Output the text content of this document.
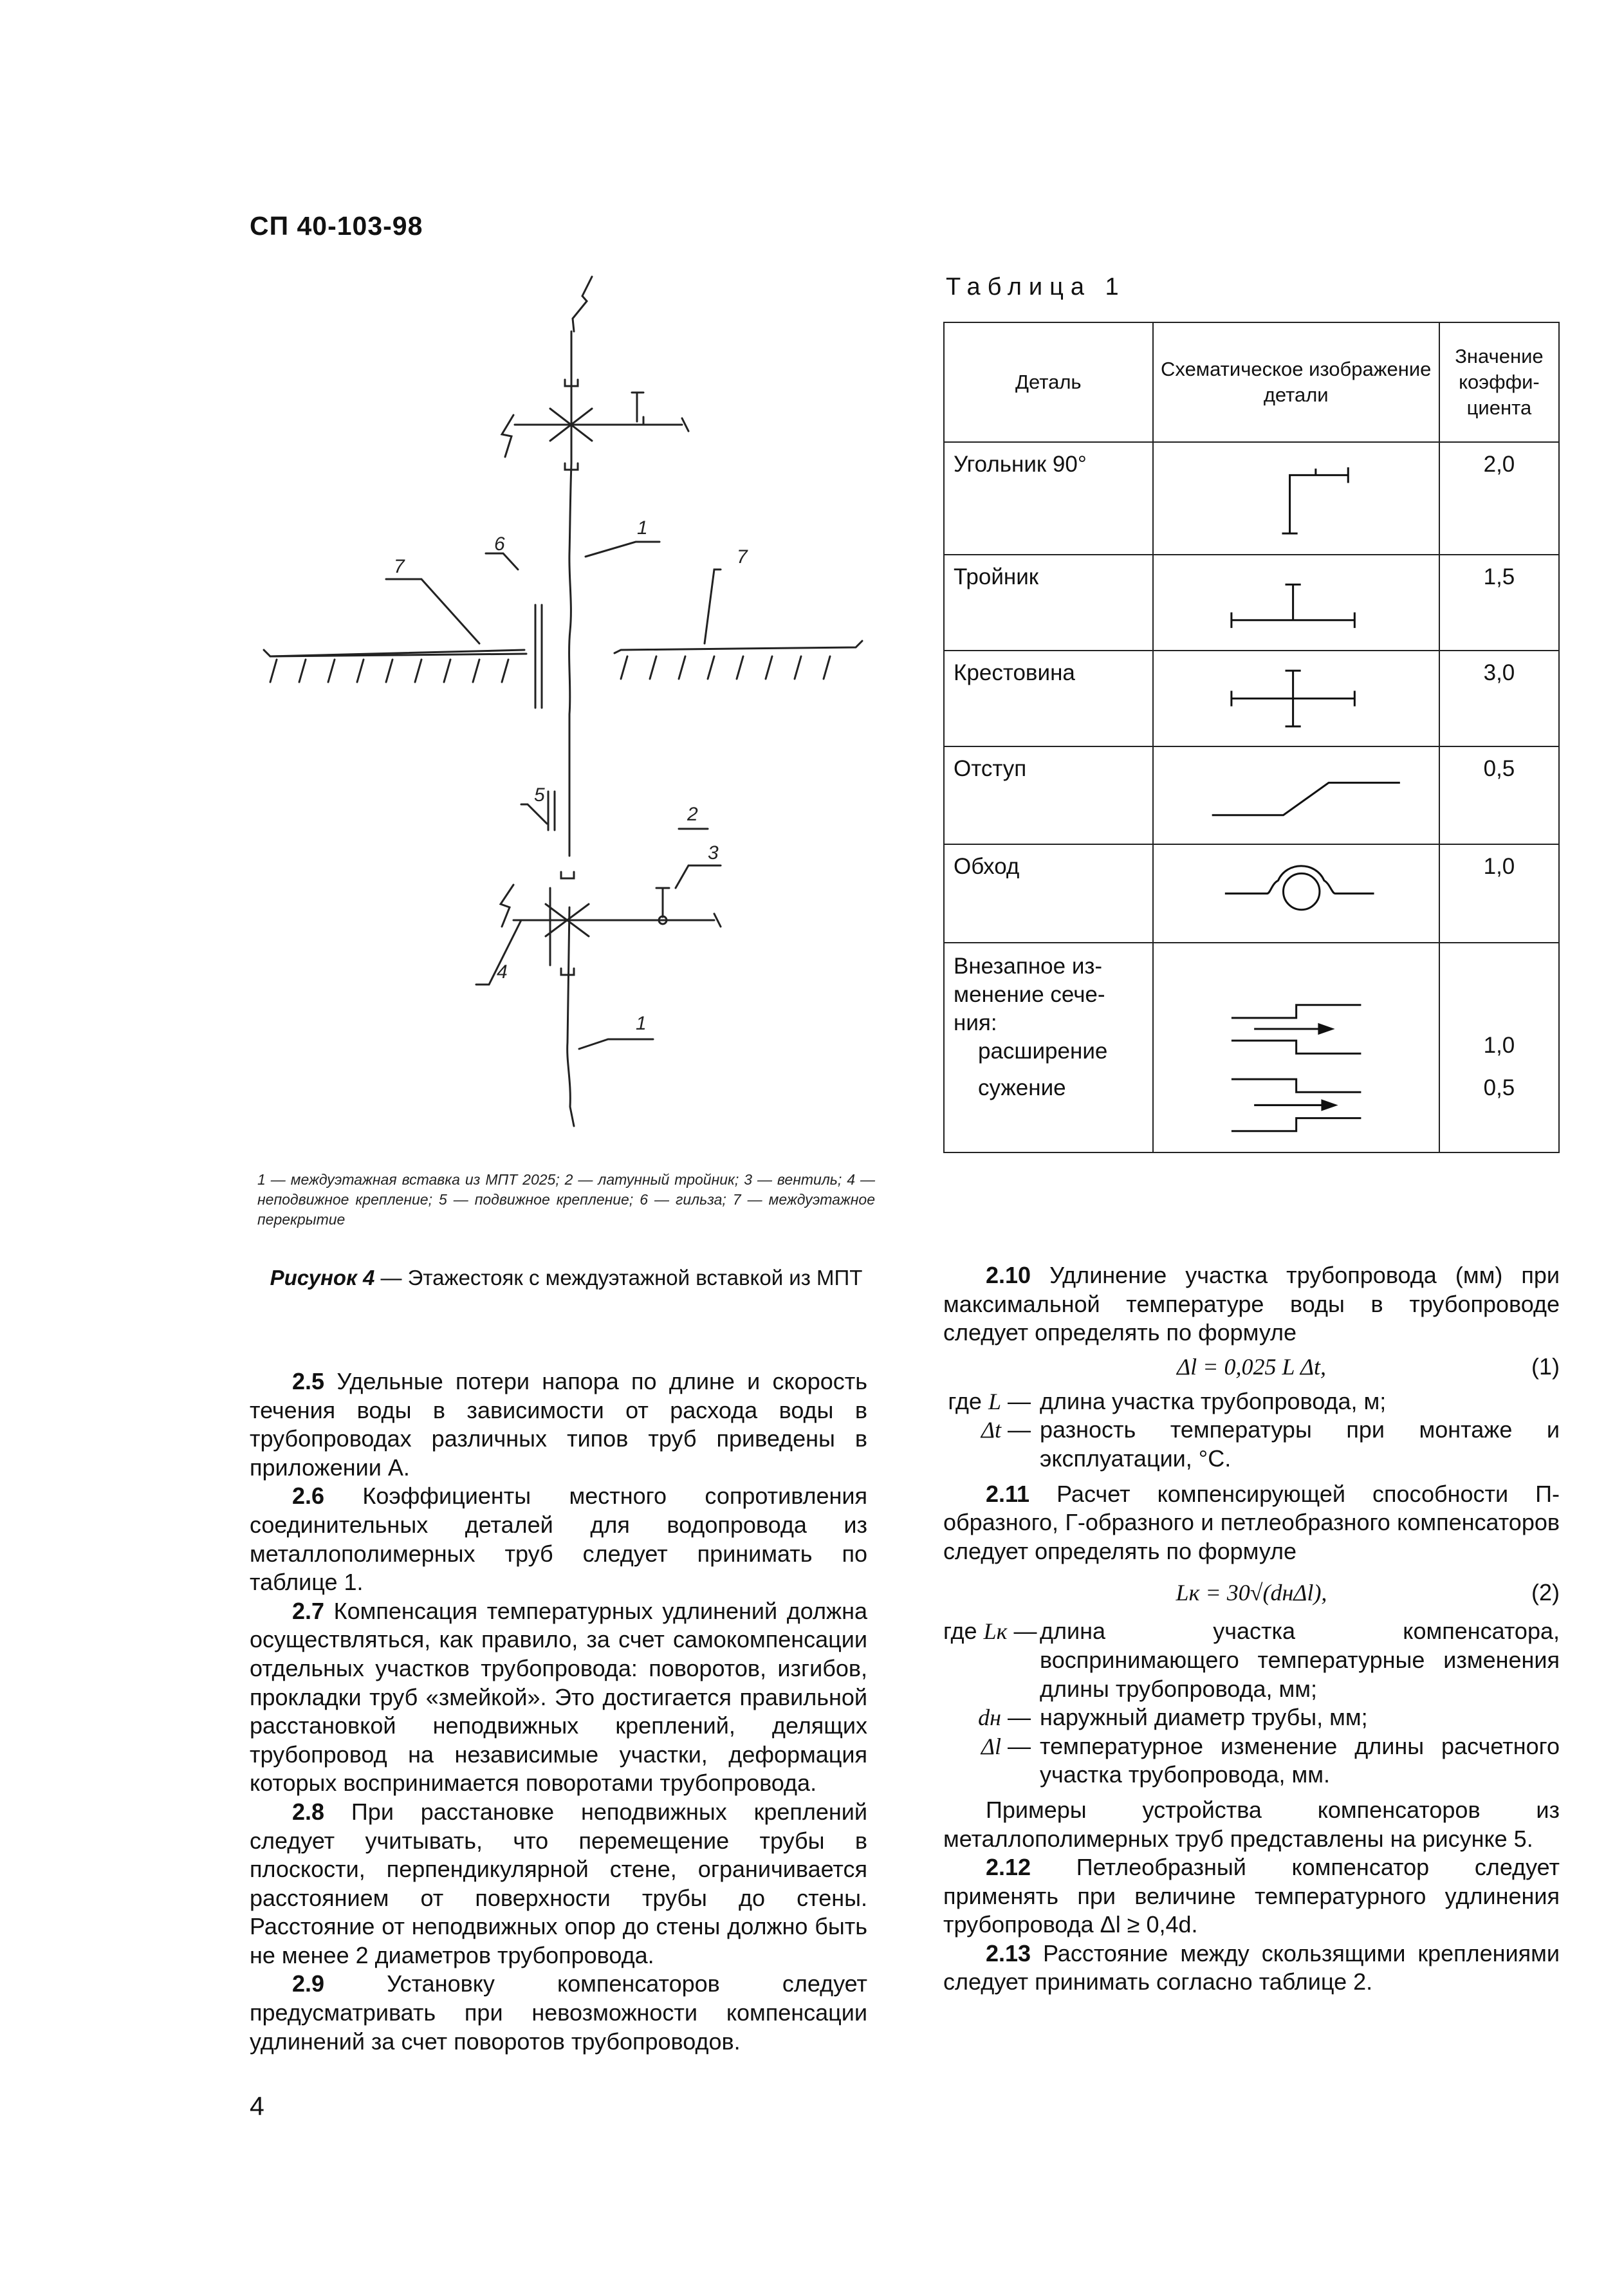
СП 40-103-98
1
6
7	7
5
2
3
4
1
1 — междуэтажная вставка из МПТ 2025; 2 — латунный тройник; 3 — вентиль; 4 — неподвижное крепление; 5 — подвижное крепление; 6 — гильза; 7 — междуэтажное перекрытие
Рисунок 4 — Этажестояк с междуэтажной вставкой из МПТ
Таблица 1
Деталь	Схематическое изображение детали	Значение коэффи- циента
Угольник 90°		2,0
Тройник		1,5
Крестовина		3,0
Отступ		0,5
Обход		1,0

Внезапное из- менение сече- ния:
расширение		1,0
сужение		0,5

2.5 Удельные потери напора по длине и скорость течения воды в зависимости от расхода воды в трубопроводах различных типов труб приведены в приложении А.

2.6 Коэффициенты местного сопротивления соединительных деталей для водопровода из металлополимерных труб следует принимать по таблице 1.

2.7 Компенсация температурных удлинений должна осуществляться, как правило, за счет самокомпенсации отдельных участков трубопровода: поворотов, изгибов, прокладки труб «змейкой». Это достигается правильной расстановкой неподвижных креплений, делящих трубопровод на независимые участки, деформация которых воспринимается поворотами трубопровода.

2.8 При расстановке неподвижных креплений следует учитывать, что перемещение трубы в плоскости, перпендикулярной стене, ограничивается расстоянием от поверхности трубы до стены. Расстояние от неподвижных опор до стены должно быть не менее 2 диаметров трубопровода.

2.9 Установку компенсаторов следует предусматривать при невозможности компенсации удлинений за счет поворотов трубопроводов.

2.10 Удлинение участка трубопровода (мм) при максимальной температуре воды в трубопроводе следует определять по формуле

Δl = 0,025 L Δt,	(1)
где L — длина участка трубопровода, м;
Δt — разность температуры при монтаже и эксплуатации, °С.

2.11 Расчет компенсирующей способности П-образного, Г-образного и петлеобразного компенсаторов следует определять по формуле

Lк = 30√(dнΔl),	(2)
где Lк — длина участка компенсатора, воспринимающего температурные изменения длины трубопровода, мм;
dн — наружный диаметр трубы, мм;
Δl — температурное изменение длины расчетного участка трубопровода, мм.

Примеры устройства компенсаторов из металлополимерных труб представлены на рисунке 5.

2.12 Петлеобразный компенсатор следует применять при величине температурного удлинения трубопровода Δl ≥ 0,4d.

2.13 Расстояние между скользящими креплениями следует принимать согласно таблице 2.

4
